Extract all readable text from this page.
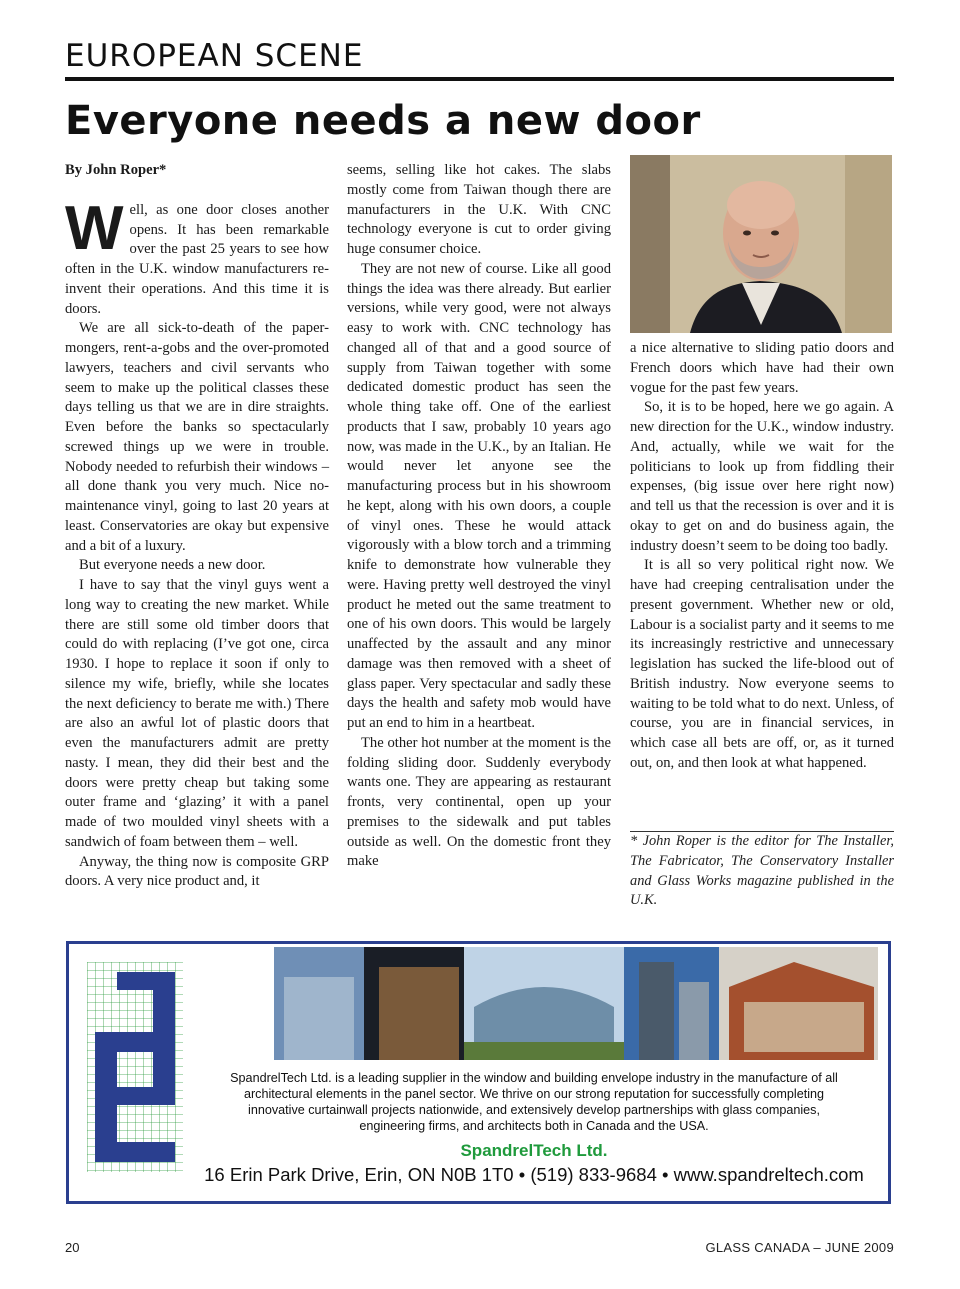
EUROPEAN SCENE
Everyone needs a new door
By John Roper*

Well, as one door closes another opens. It has been remarkable over the past 25 years to see how often in the U.K. window manufacturers re-invent their operations. And this time it is doors.

We are all sick-to-death of the paper-mongers, rent-a-gobs and the over-promoted lawyers, teachers and civil servants who seem to make up the political classes these days telling us that we are in dire straights. Even before the banks so spectacularly screwed things up we were in trouble. Nobody needed to refurbish their windows – all done thank you very much. Nice no-maintenance vinyl, going to last 20 years at least. Conservatories are okay but expensive and a bit of a luxury.

But everyone needs a new door.

I have to say that the vinyl guys went a long way to creating the new market. While there are still some old timber doors that could do with replacing (I’ve got one, circa 1930. I hope to replace it soon if only to silence my wife, briefly, while she locates the next deficiency to berate me with.) There are also an awful lot of plastic doors that even the manufacturers admit are pretty nasty. I mean, they did their best and the doors were pretty cheap but taking some outer frame and ‘glazing’ it with a panel made of two moulded vinyl sheets with a sandwich of foam between them – well.

Anyway, the thing now is composite GRP doors. A very nice product and, it

seems, selling like hot cakes. The slabs mostly come from Taiwan though there are manufacturers in the U.K. With CNC technology everyone is cut to order giving huge consumer choice.

They are not new of course. Like all good things the idea was there already. But earlier versions, while very good, were not always easy to work with. CNC technology has changed all of that and a good source of supply from Taiwan together with some dedicated domestic product has seen the whole thing take off. One of the earliest products that I saw, probably 10 years ago now, was made in the U.K., by an Italian. He would never let anyone see the manufacturing process but in his showroom he kept, along with his own doors, a couple of vinyl ones. These he would attack vigorously with a blow torch and a trimming knife to demonstrate how vulnerable they were. Having pretty well destroyed the vinyl product he meted out the same treatment to one of his own doors. This would be largely unaffected by the assault and any minor damage was then removed with a sheet of glass paper. Very spectacular and sadly these days the health and safety mob would have put an end to him in a heartbeat.

The other hot number at the moment is the folding sliding door. Suddenly everybody wants one. They are appearing as restaurant fronts, very continental, open up your premises to the sidewalk and put tables outside as well. On the domestic front they make

a nice alternative to sliding patio doors and French doors which have had their own vogue for the past few years.

So, it is to be hoped, here we go again. A new direction for the U.K., window industry. And, actually, while we wait for the politicians to look up from fiddling their expenses, (big issue over here right now) and tell us that the recession is over and it is okay to get on and do business again, the industry doesn’t seem to be doing too badly.

It is all so very political right now. We have had creeping centralisation under the present government. Whether new or old, Labour is a socialist party and it seems to me its increasingly restrictive and unnecessary legislation has sucked the life-blood out of British industry. Now everyone seems to waiting to be told what to do next. Unless, of course, you are in financial services, in which case all bets are off, or, as it turned out, on, and then look at what happened.

* John Roper is the editor for The Installer, The Fabricator, The Conservatory Installer and Glass Works magazine published in the U.K.
SpandrelTech Ltd. is a leading supplier in the window and building envelope industry in the manufacture of all architectural elements in the panel sector. We thrive on our strong reputation for successfully completing innovative curtainwall projects nationwide, and extensively develop partnerships with glass companies, engineering firms, and architects both in Canada and the USA.
SpandrelTech Ltd.
16 Erin Park Drive, Erin, ON N0B 1T0 • (519) 833-9684 • www.spandreltech.com
20	GLASS CANADA – JUNE 2009
